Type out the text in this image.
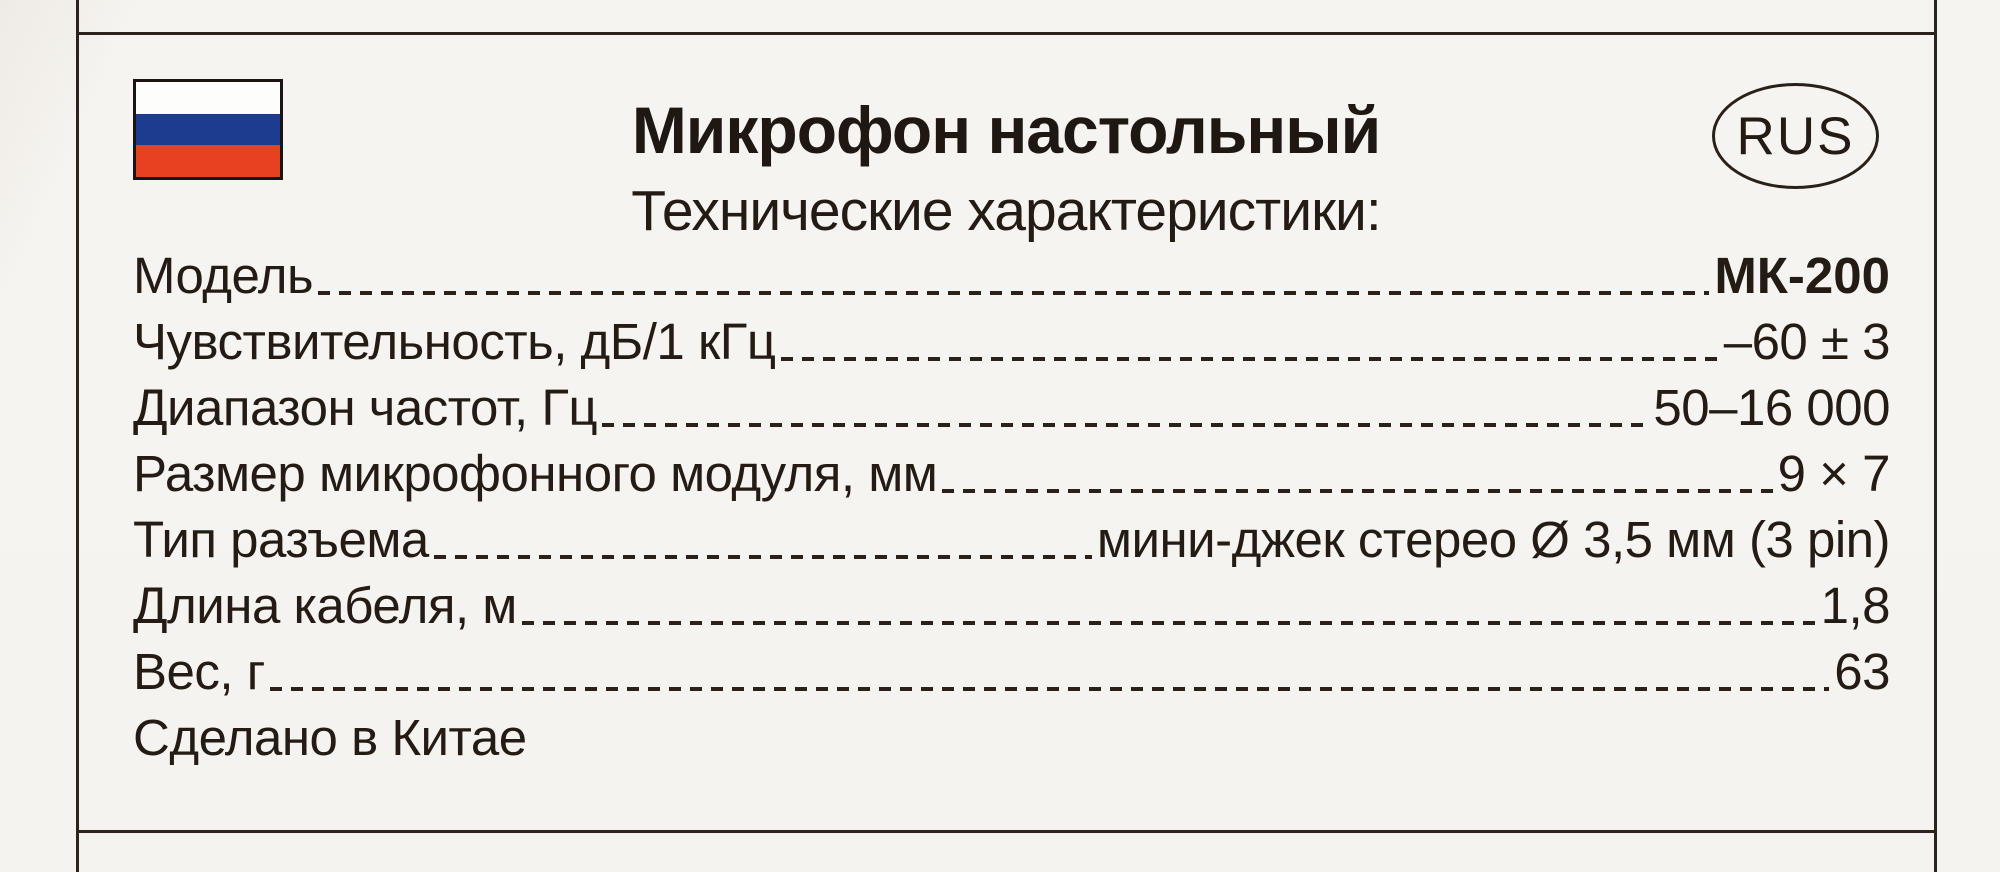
Микрофон настольный	RUS
Технические характеристики:
Модель	МК-200
Чувствительность, дБ/1 кГц	–60 ± 3
Диапазон частот, Гц	50–16 000
Размер микрофонного модуля, мм	9 × 7
Тип разъема	мини-джек стерео Ø 3,5 мм (3 pin)
Длина кабеля, м	1,8
Вес, г	63
Сделано в Китае
